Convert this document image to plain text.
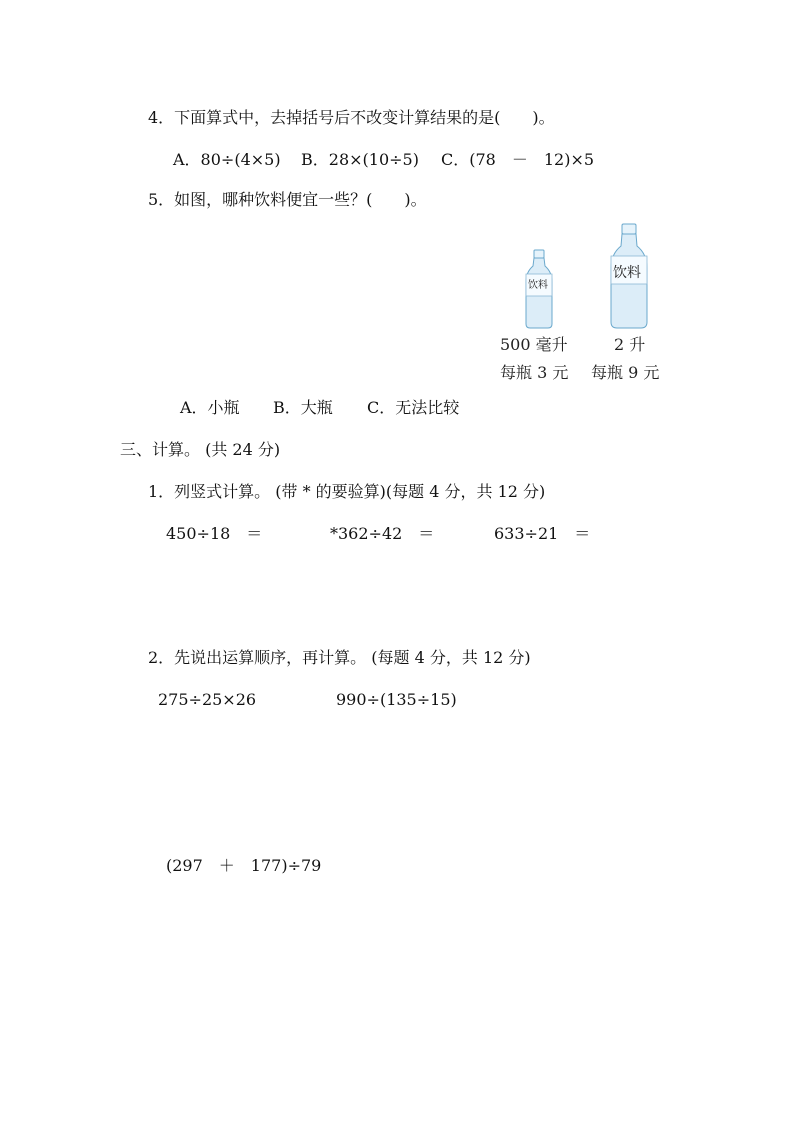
4．下面算式中，去掉括号后不改变计算结果的是(　　)。
A．80÷(4×5) B．28×(10÷5) C．(78　－　12)×5
5．如图，哪种饮料便宜一些？(　　)。
饮料
饮料
500 毫升	2 升
每瓶 3 元 每瓶 9 元
A．小瓶 B．大瓶 C．无法比较
三、计算。 (共 24 分)
1．列竖式计算。 (带 * 的要验算)(每题 4 分，共 12 分)
450÷18　＝	*362÷42　＝	633÷21　＝
2．先说出运算顺序，再计算。 (每题 4 分，共 12 分)
275÷25×26	990÷(135÷15)
(297　＋　177)÷79
